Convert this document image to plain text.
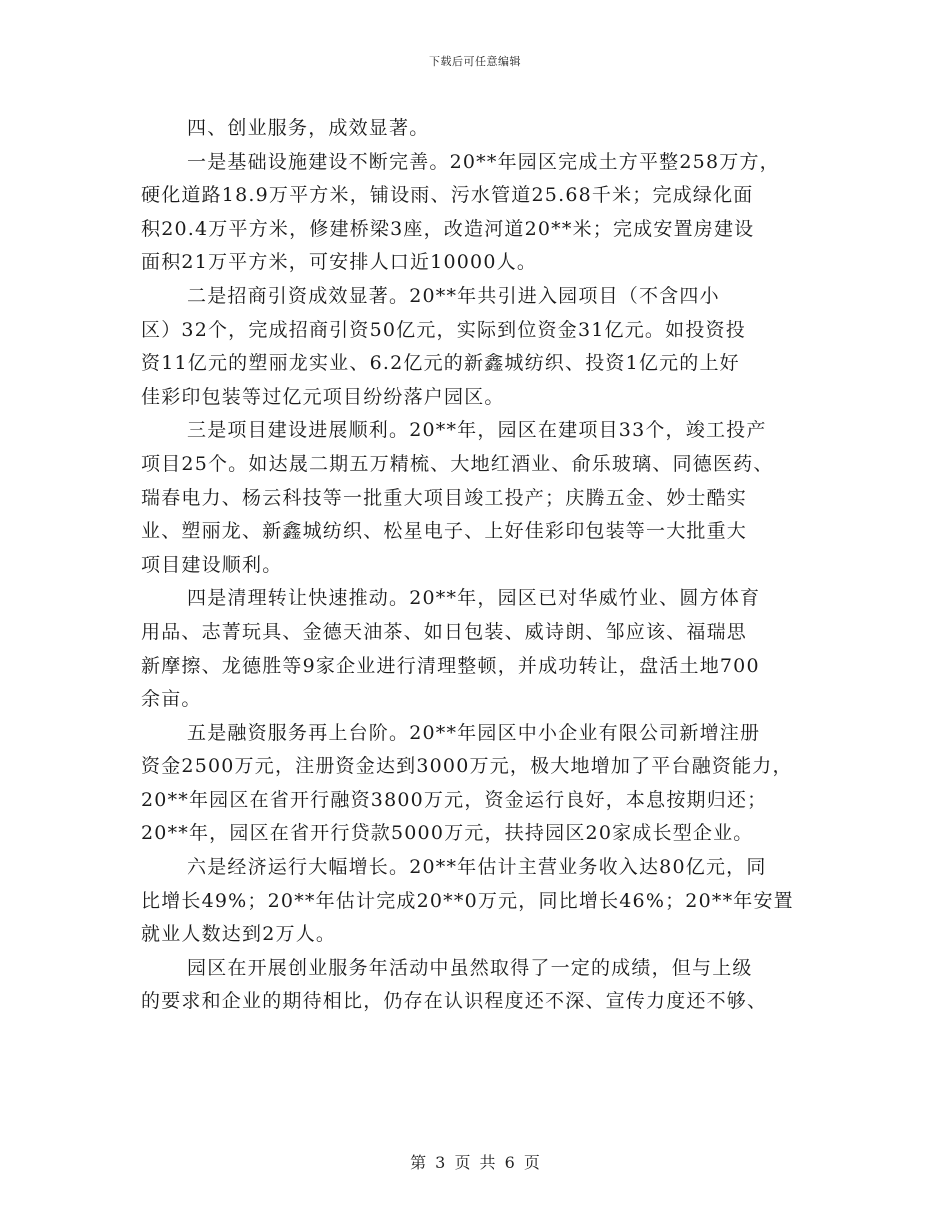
下载后可任意编辑
四、创业服务，成效显著。
一是基础设施建设不断完善。20**年园区完成土方平整258万方，
硬化道路18.9万平方米，铺设雨、污水管道25.68千米；完成绿化面
积20.4万平方米，修建桥梁3座，改造河道20**米；完成安置房建设
面积21万平方米，可安排人口近10000人。
二是招商引资成效显著。20**年共引进入园项目（不含四小
区）32个，完成招商引资50亿元，实际到位资金31亿元。如投资投
资11亿元的塑丽龙实业、6.2亿元的新鑫城纺织、投资1亿元的上好
佳彩印包装等过亿元项目纷纷落户园区。
三是项目建设进展顺利。20**年，园区在建项目33个，竣工投产
项目25个。如达晟二期五万精梳、大地红酒业、俞乐玻璃、同德医药、
瑞春电力、杨云科技等一批重大项目竣工投产；庆腾五金、妙士酷实
业、塑丽龙、新鑫城纺织、松星电子、上好佳彩印包装等一大批重大
项目建设顺利。
四是清理转让快速推动。20**年，园区已对华威竹业、圆方体育
用品、志菁玩具、金德天油茶、如日包装、威诗朗、邹应该、福瑞思
新摩擦、龙德胜等9家企业进行清理整顿，并成功转让，盘活土地700
余亩。
五是融资服务再上台阶。20**年园区中小企业有限公司新增注册
资金2500万元，注册资金达到3000万元，极大地增加了平台融资能力，
20**年园区在省开行融资3800万元，资金运行良好，本息按期归还；
20**年，园区在省开行贷款5000万元，扶持园区20家成长型企业。
六是经济运行大幅增长。20**年估计主营业务收入达80亿元，同
比增长49%；20**年估计完成20**0万元，同比增长46%；20**年安置
就业人数达到2万人。
园区在开展创业服务年活动中虽然取得了一定的成绩，但与上级
的要求和企业的期待相比，仍存在认识程度还不深、宣传力度还不够、
第 3 页 共 6 页
